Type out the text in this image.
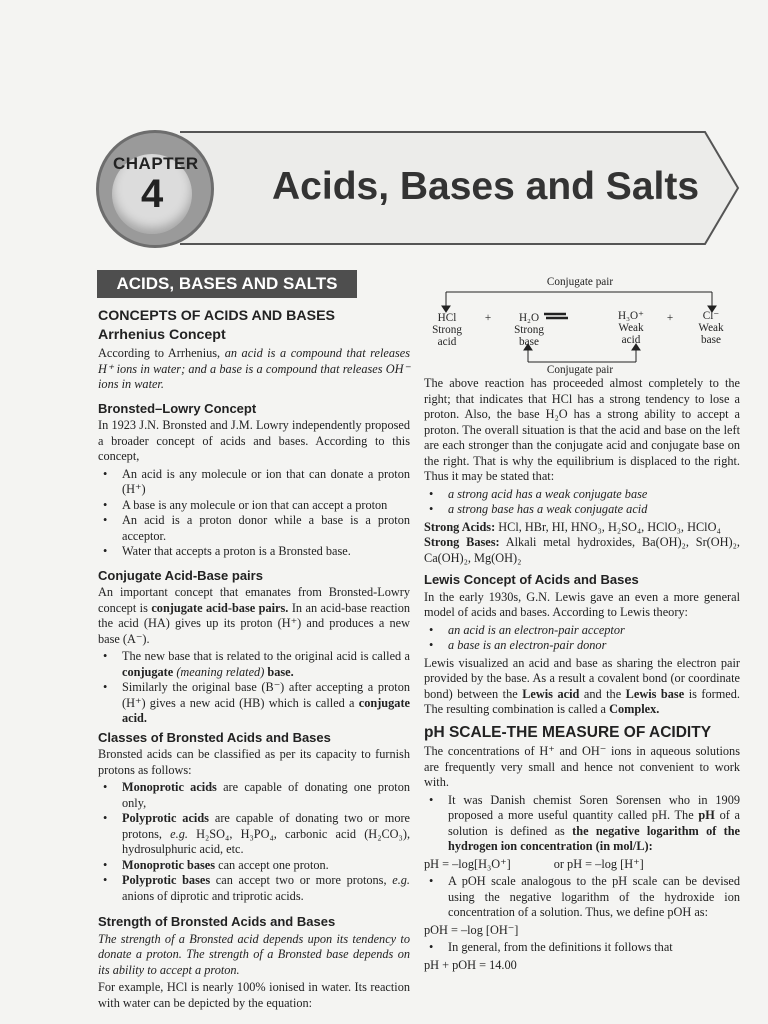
CHAPTER
4	Acids, Bases and Salts
ACIDS, BASES AND SALTS
CONCEPTS OF ACIDS AND BASES
Arrhenius Concept

According to Arrhenius, an acid is a compound that releases H⁺ ions in water; and a base is a compound that releases OH⁻ ions in water.

Bronsted–Lowry Concept

In 1923 J.N. Bronsted and J.M. Lowry independently proposed a broader concept of acids and bases. According to this concept,

• An acid is any molecule or ion that can donate a proton (H⁺)
• A base is any molecule or ion that can accept a proton
• An acid is a proton donor while a base is a proton acceptor.
• Water that accepts a proton is a Bronsted base.
Conjugate Acid-Base pairs

An important concept that emanates from Bronsted-Lowry concept is conjugate acid-base pairs. In an acid-base reaction the acid (HA) gives up its proton (H⁺) and produces a new base (A⁻).

• The new base that is related to the original acid is called a conjugate (meaning related) base.
• Similarly the original base (B⁻) after accepting a proton (H⁺) gives a new acid (HB) which is called a conjugate acid.
Classes of Bronsted Acids and Bases

Bronsted acids can be classified as per its capacity to furnish protons as follows:

• Monoprotic acids are capable of donating one proton only,
• Polyprotic acids are capable of donating two or more protons, e.g. H₂SO₄, H₃PO₄, carbonic acid (H₂CO₃), hydrosulphuric acid, etc.
• Monoprotic bases can accept one proton.
• Polyprotic bases can accept two or more protons, e.g. anions of diprotic and triprotic acids.
Strength of Bronsted Acids and Bases

The strength of a Bronsted acid depends upon its tendency to donate a proton. The strength of a Bronsted base depends on its ability to accept a proton.

For example, HCl is nearly 100% ionised in water. Its reaction with water can be depicted by the equation:

Conjugate pair
Conjugate pair
HCl
Strong
acid
+	H₂O
Strong
base
H₃O⁺
Weak
acid
+	Cl⁻
Weak
base

The above reaction has proceeded almost completely to the right; that indicates that HCl has a strong tendency to lose a proton. Also, the base H₂O has a strong ability to accept a proton. The overall situation is that the acid and base on the left are each stronger than the conjugate acid and conjugate base on the right. That is why the equilibrium is displaced to the right. Thus it may be stated that:

• a strong acid has a weak conjugate base
• a strong base has a weak conjugate acid

Strong Acids: HCl, HBr, HI, HNO₃, H₂SO₄, HClO₃, HClO₄

Strong Bases: Alkali metal hydroxides, Ba(OH)₂, Sr(OH)₂, Ca(OH)₂, Mg(OH)₂

Lewis Concept of Acids and Bases

In the early 1930s, G.N. Lewis gave an even a more general model of acids and bases. According to Lewis theory:

• an acid is an electron-pair acceptor
• a base is an electron-pair donor

Lewis visualized an acid and base as sharing the electron pair provided by the base. As a result a covalent bond (or coordinate bond) between the Lewis acid and the Lewis base is formed. The resulting combination is called a Complex.

pH SCALE-THE MEASURE OF ACIDITY

The concentrations of H⁺ and OH⁻ ions in aqueous solutions are frequently very small and hence not convenient to work with.

• It was Danish chemist Soren Sorensen who in 1909 proposed a more useful quantity called pH. The pH of a solution is defined as the negative logarithm of the hydrogen ion concentration (in mol/L):

pH = –log[H₃O⁺]              or pH = –log [H⁺]

• A pOH scale analogous to the pH scale can be devised using the negative logarithm of the hydroxide ion concentration of a solution. Thus, we define pOH as:

pOH = –log [OH⁻]

• In general, from the definitions it follows that

pH + pOH = 14.00
